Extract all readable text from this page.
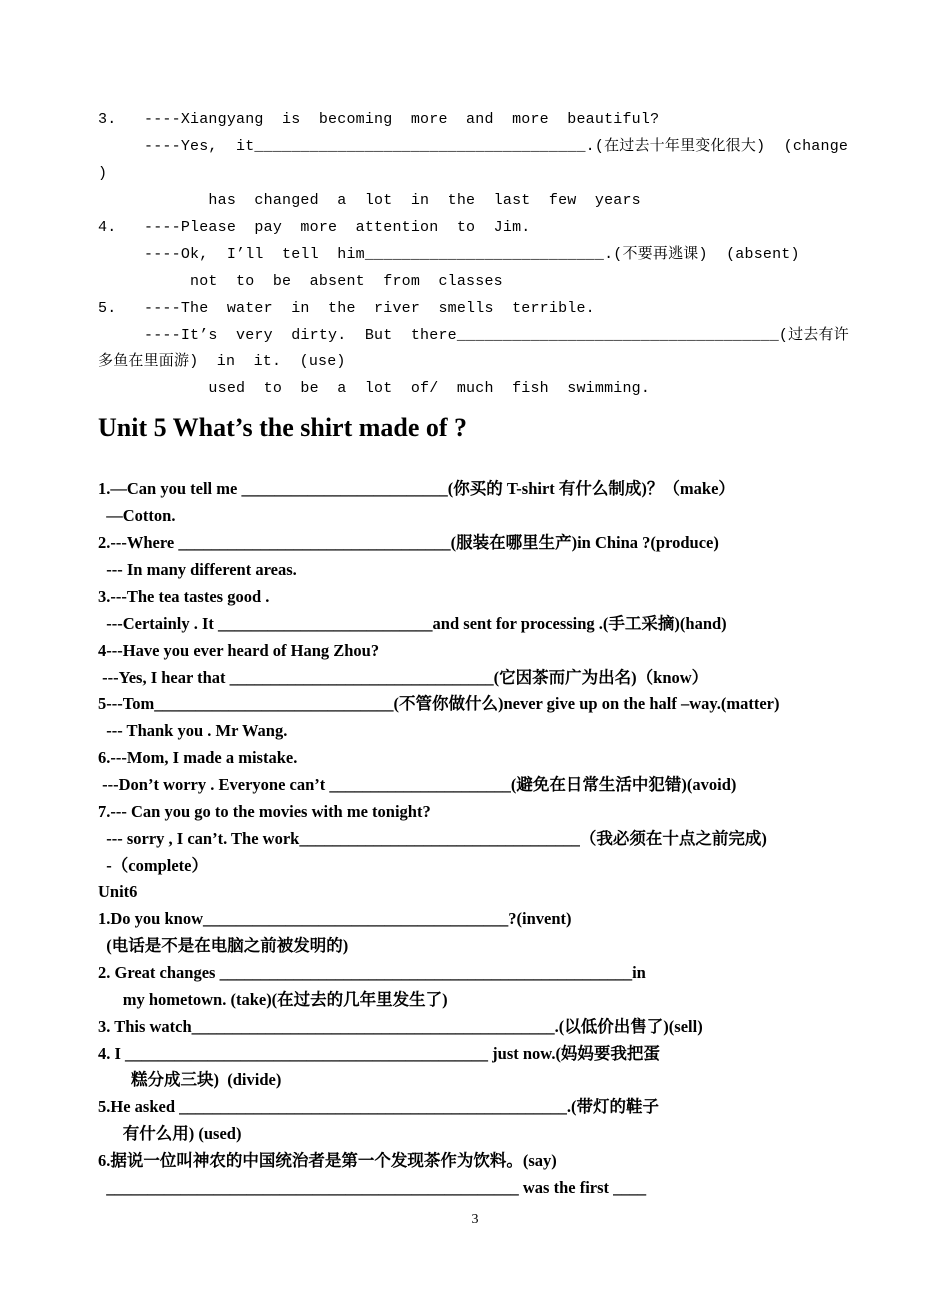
3.   ----Xiangyang  is  becoming  more  and  more  beautiful?

----Yes,  it____________________________________.(在过去十年里变化很大)  (change

)

has  changed  a  lot  in  the  last  few  years

4.   ----Please  pay  more  attention  to  Jim.

----Ok,  I’ll  tell  him__________________________.(不要再逃课)  (absent)

not  to  be  absent  from  classes

5.   ----The  water  in  the  river  smells  terrible.

----It’s  very  dirty.  But  there___________________________________(过去有许

多鱼在里面游)  in  it.  (use)

used  to  be  a  lot  of/  much  fish  swimming.

Unit 5 What’s the shirt made of ?

1.—Can you tell me _________________________(你买的 T-shirt 有什么制成)？（make）

—Cotton.

2.---Where _________________________________(服装在哪里生产)in China ?(produce)

--- In many different areas.

3.---The tea tastes good .

---Certainly . It __________________________and sent for processing .(手工采摘)(hand)

4---Have you ever heard of Hang Zhou?

---Yes, I hear that ________________________________(它因茶而广为出名)（know）

5---Tom_____________________________(不管你做什么)never give up on the half –way.(matter)

--- Thank you . Mr Wang.

6.---Mom, I made a mistake.

---Don’t worry . Everyone can’t ______________________(避免在日常生活中犯错)(avoid)

7.--- Can you go to the movies with me tonight?

--- sorry , I can’t. The work__________________________________（我必须在十点之前完成)

-（complete）

Unit6

1.Do you know_____________________________________?(invent)

(电话是不是在电脑之前被发明的)

2. Great changes __________________________________________________in

my hometown. (take)(在过去的几年里发生了)

3. This watch____________________________________________.(以低价出售了)(sell)

4. I ____________________________________________ just now.(妈妈要我把蛋

糕分成三块)  (divide)

5.He asked _______________________________________________.(带灯的鞋子

有什么用) (used)

6.据说一位叫神农的中国统治者是第一个发现茶作为饮料。(say)

__________________________________________________ was the first ____

3
